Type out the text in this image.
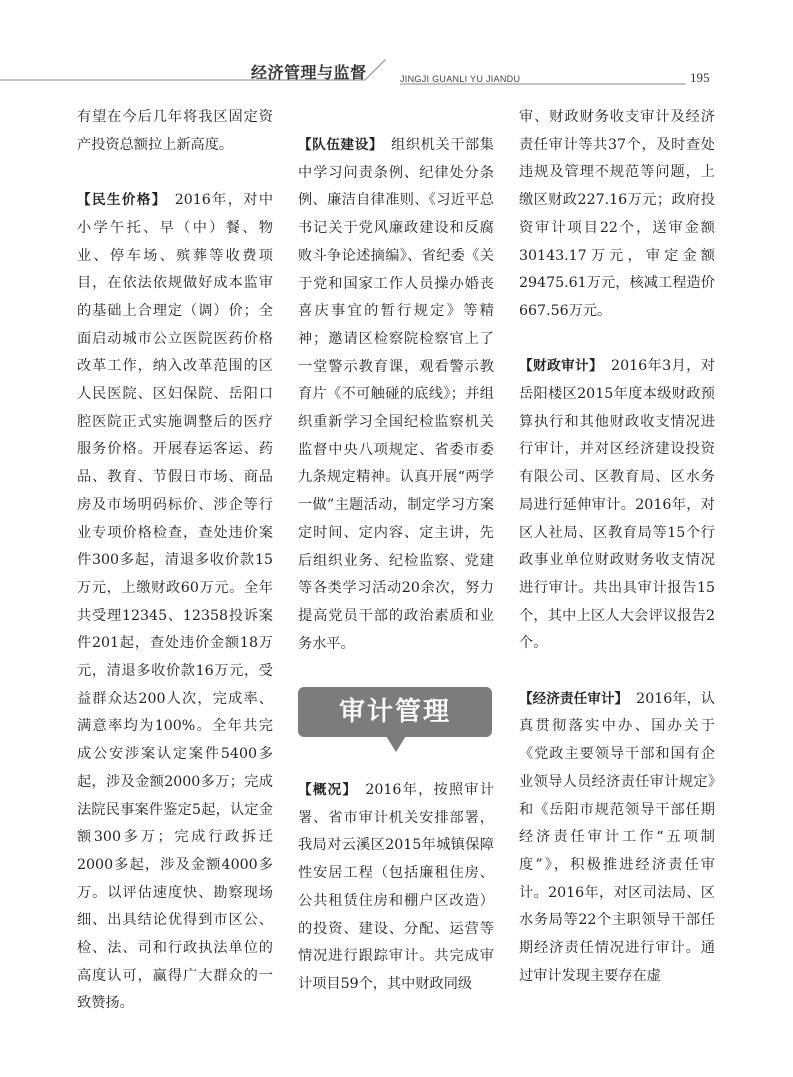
经济管理与监督	JINGJI GUANLI YU JIANDU	195

有望在今后几年将我区固定资产投资总额拉上新高度。

【民生价格】 2016年，对中小学午托、早（中）餐、物业、停车场、殡葬等收费项目，在依法依规做好成本监审的基础上合理定（调）价；全面启动城市公立医院医药价格改革工作，纳入改革范围的区人民医院、区妇保院、岳阳口腔医院正式实施调整后的医疗服务价格。开展春运客运、药品、教育、节假日市场、商品房及市场明码标价、涉企等行业专项价格检查，查处违价案件300多起，清退多收价款15万元，上缴财政60万元。全年共受理12345、12358投诉案件201起，查处违价金额18万元，清退多收价款16万元，受益群众达200人次，完成率、满意率均为100%。全年共完成公安涉案认定案件5400多起，涉及金额2000多万；完成法院民事案件鉴定5起，认定金额300多万；完成行政拆迁2000多起，涉及金额4000多万。以评估速度快、勘察现场细、出具结论优得到市区公、检、法、司和行政执法单位的高度认可，赢得广大群众的一致赞扬。

【队伍建设】 组织机关干部集中学习问责条例、纪律处分条例、廉洁自律准则、《习近平总书记关于党风廉政建设和反腐败斗争论述摘编》、省纪委《关于党和国家工作人员操办婚丧喜庆事宜的暂行规定》等精神；邀请区检察院检察官上了一堂警示教育课，观看警示教育片《不可触碰的底线》；并组织重新学习全国纪检监察机关监督中央八项规定、省委市委九条规定精神。认真开展“两学一做”主题活动，制定学习方案定时间、定内容、定主讲，先后组织业务、纪检监察、党建等各类学习活动20余次，努力提高党员干部的政治素质和业务水平。

审计管理

【概况】 2016年，按照审计署、省市审计机关安排部署，我局对云溪区2015年城镇保障性安居工程（包括廉租住房、公共租赁住房和棚户区改造）的投资、建设、分配、运营等情况进行跟踪审计。共完成审计项目59个，其中财政同级

审、财政财务收支审计及经济责任审计等共37个，及时查处违规及管理不规范等问题，上缴区财政227.16万元；政府投资审计项目22个，送审金额30143.17万元，审定金额29475.61万元，核减工程造价667.56万元。

【财政审计】 2016年3月，对岳阳楼区2015年度本级财政预算执行和其他财政收支情况进行审计，并对区经济建设投资有限公司、区教育局、区水务局进行延伸审计。2016年，对区人社局、区教育局等15个行政事业单位财政财务收支情况进行审计。共出具审计报告15个，其中上区人大会评议报告2个。

【经济责任审计】 2016年，认真贯彻落实中办、国办关于《党政主要领导干部和国有企业领导人员经济责任审计规定》和《岳阳市规范领导干部任期经济责任审计工作“五项制度”》，积极推进经济责任审计。2016年，对区司法局、区水务局等22个主职领导干部任期经济责任情况进行审计。通过审计发现主要存在虚
